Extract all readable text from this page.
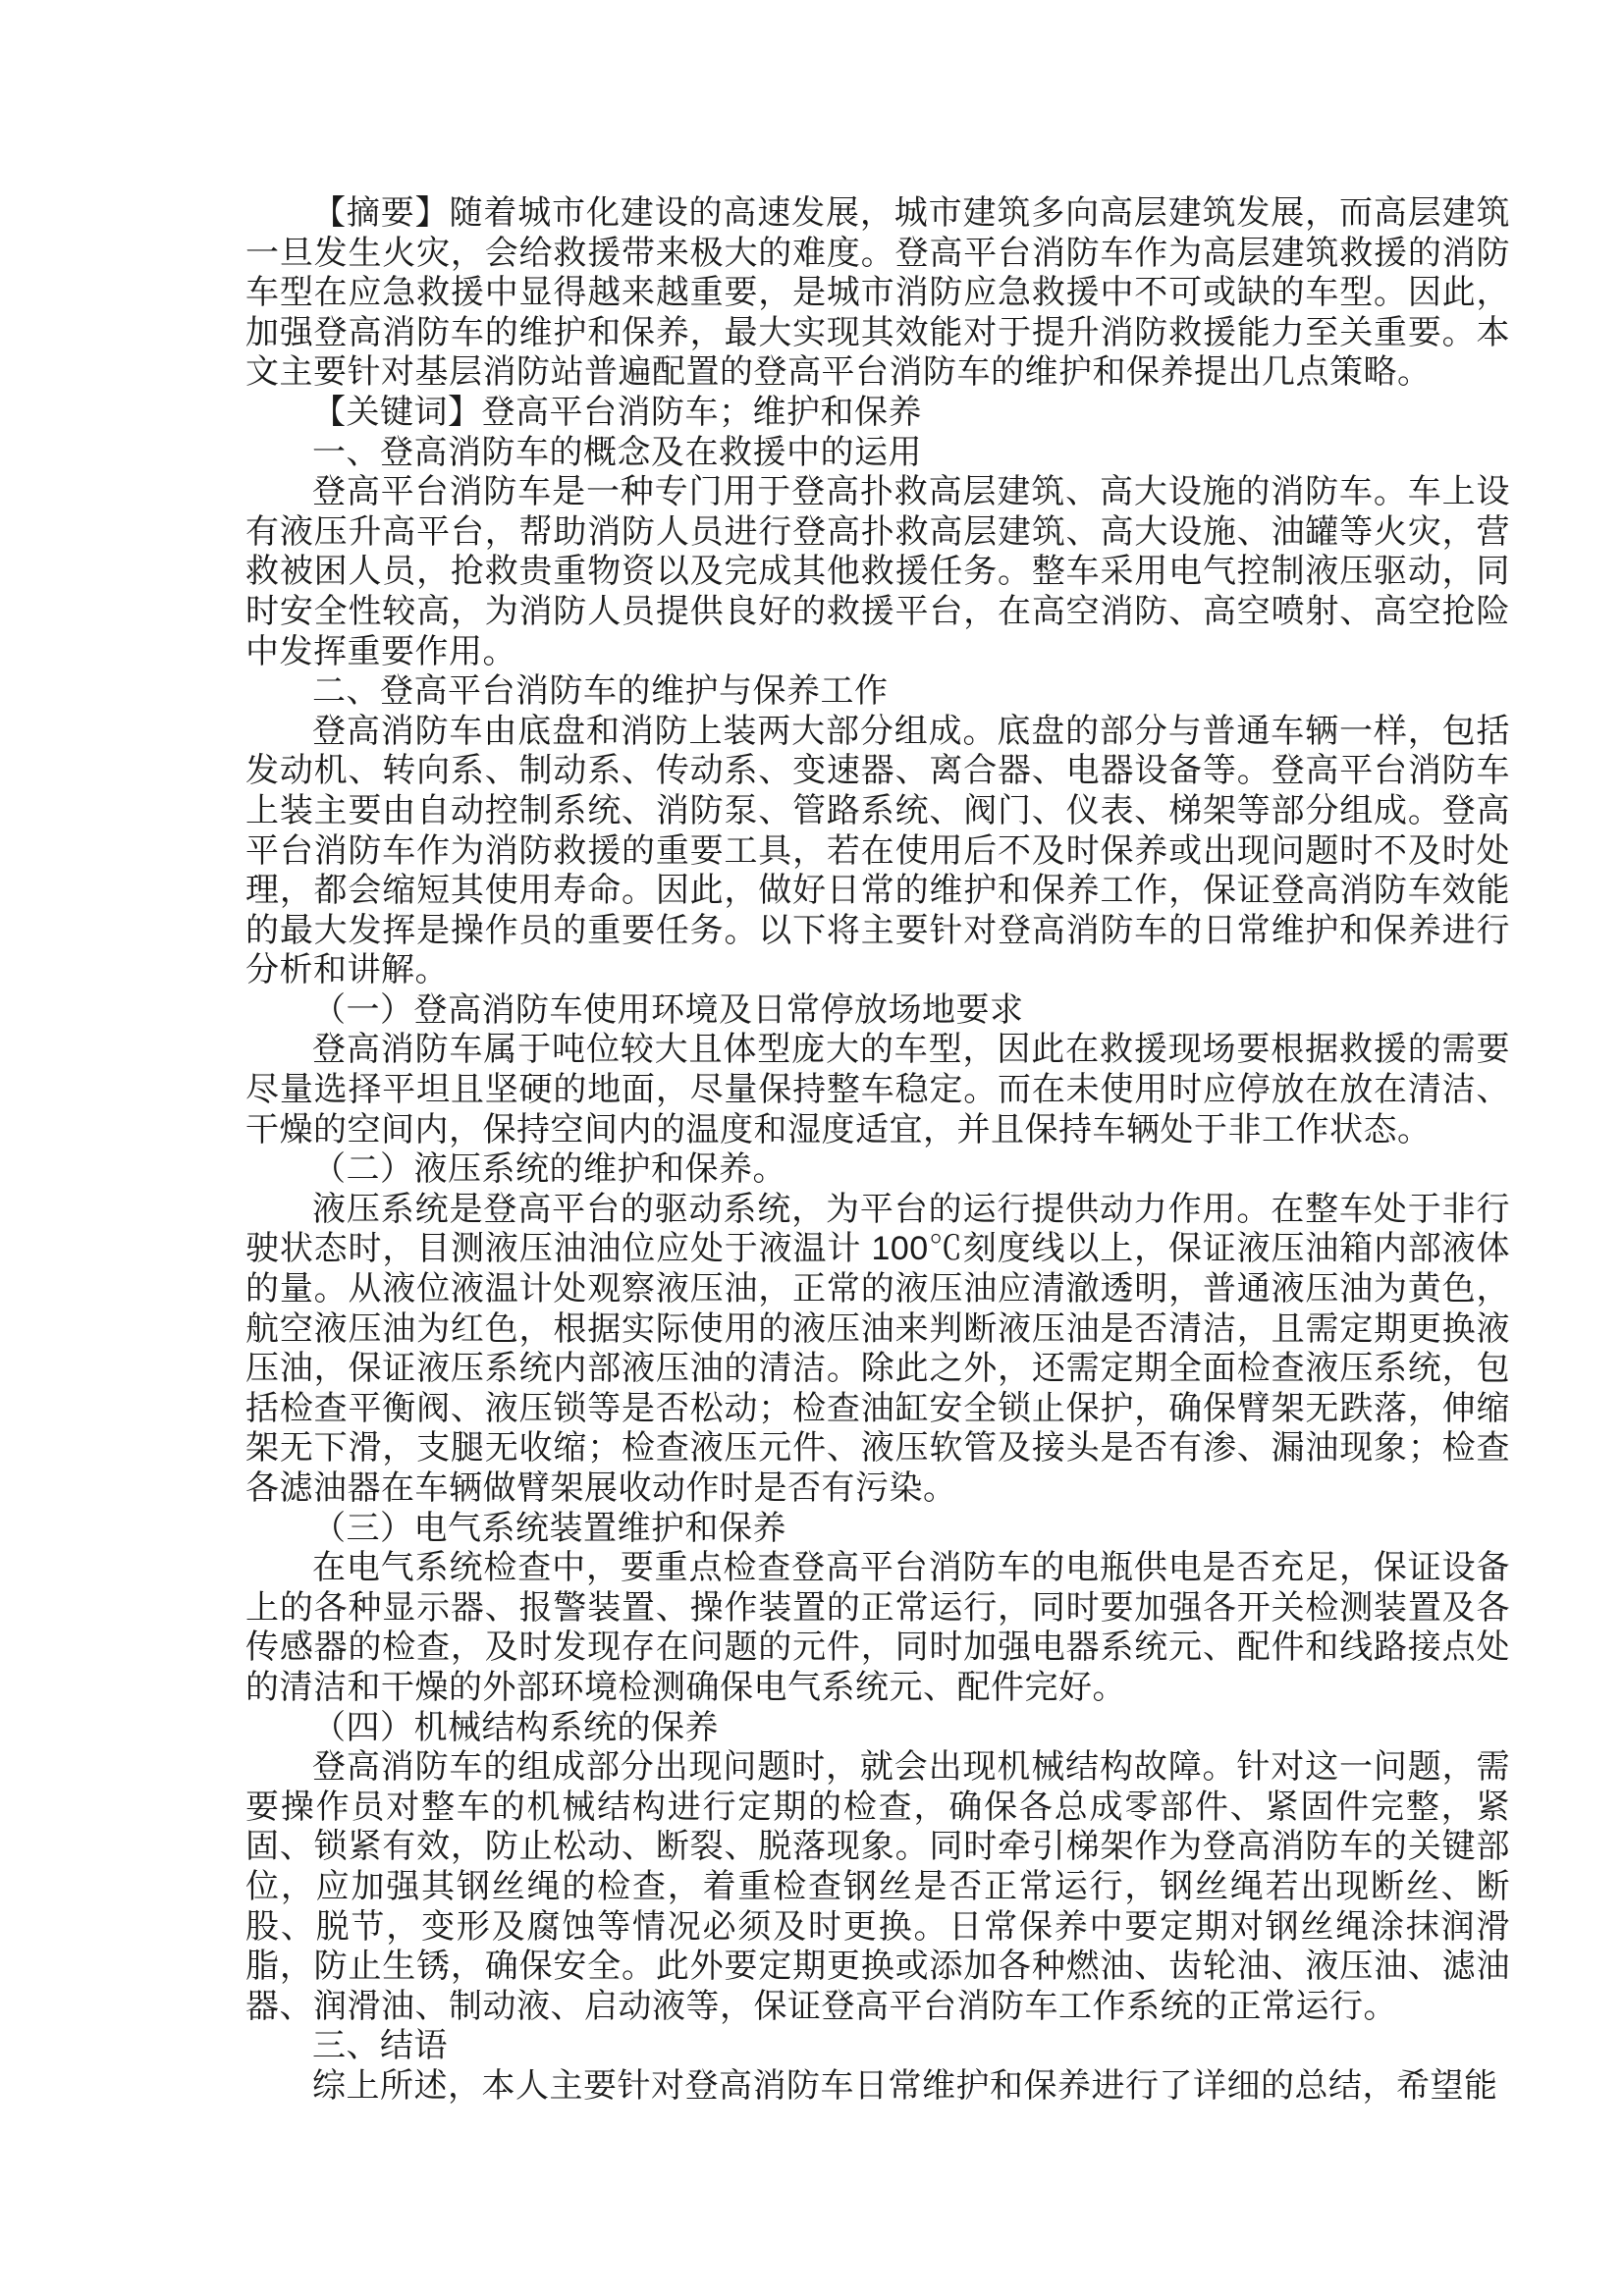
【摘要】随着城市化建设的高速发展，城市建筑多向高层建筑发展，而高层建筑一旦发生火灾，会给救援带来极大的难度。登高平台消防车作为高层建筑救援的消防车型在应急救援中显得越来越重要，是城市消防应急救援中不可或缺的车型。因此，加强登高消防车的维护和保养，最大实现其效能对于提升消防救援能力至关重要。本文主要针对基层消防站普遍配置的登高平台消防车的维护和保养提出几点策略。

【关键词】登高平台消防车；维护和保养

一、登高消防车的概念及在救援中的运用

登高平台消防车是一种专门用于登高扑救高层建筑、高大设施的消防车。车上设有液压升高平台，帮助消防人员进行登高扑救高层建筑、高大设施、油罐等火灾，营救被困人员，抢救贵重物资以及完成其他救援任务。整车采用电气控制液压驱动，同时安全性较高，为消防人员提供良好的救援平台，在高空消防、高空喷射、高空抢险中发挥重要作用。

二、登高平台消防车的维护与保养工作

登高消防车由底盘和消防上装两大部分组成。底盘的部分与普通车辆一样，包括发动机、转向系、制动系、传动系、变速器、离合器、电器设备等。登高平台消防车上装主要由自动控制系统、消防泵、管路系统、阀门、仪表、梯架等部分组成。登高平台消防车作为消防救援的重要工具，若在使用后不及时保养或出现问题时不及时处理，都会缩短其使用寿命。因此，做好日常的维护和保养工作，保证登高消防车效能的最大发挥是操作员的重要任务。以下将主要针对登高消防车的日常维护和保养进行分析和讲解。

（一）登高消防车使用环境及日常停放场地要求

登高消防车属于吨位较大且体型庞大的车型，因此在救援现场要根据救援的需要尽量选择平坦且坚硬的地面，尽量保持整车稳定。而在未使用时应停放在放在清洁、干燥的空间内，保持空间内的温度和湿度适宜，并且保持车辆处于非工作状态。

（二）液压系统的维护和保养。

液压系统是登高平台的驱动系统，为平台的运行提供动力作用。在整车处于非行驶状态时，目测液压油油位应处于液温计 100℃刻度线以上，保证液压油箱内部液体的量。从液位液温计处观察液压油，正常的液压油应清澈透明，普通液压油为黄色，航空液压油为红色，根据实际使用的液压油来判断液压油是否清洁，且需定期更换液压油，保证液压系统内部液压油的清洁。除此之外，还需定期全面检查液压系统，包括检查平衡阀、液压锁等是否松动；检查油缸安全锁止保护，确保臂架无跌落，伸缩架无下滑，支腿无收缩；检查液压元件、液压软管及接头是否有渗、漏油现象；检查各滤油器在车辆做臂架展收动作时是否有污染。

（三）电气系统装置维护和保养

在电气系统检查中，要重点检查登高平台消防车的电瓶供电是否充足，保证设备上的各种显示器、报警装置、操作装置的正常运行，同时要加强各开关检测装置及各传感器的检查，及时发现存在问题的元件，同时加强电器系统元、配件和线路接点处的清洁和干燥的外部环境检测确保电气系统元、配件完好。

（四）机械结构系统的保养

登高消防车的组成部分出现问题时，就会出现机械结构故障。针对这一问题，需要操作员对整车的机械结构进行定期的检查，确保各总成零部件、紧固件完整，紧固、锁紧有效，防止松动、断裂、脱落现象。同时牵引梯架作为登高消防车的关键部位，应加强其钢丝绳的检查，着重检查钢丝是否正常运行，钢丝绳若出现断丝、断股、脱节，变形及腐蚀等情况必须及时更换。日常保养中要定期对钢丝绳涂抹润滑脂，防止生锈，确保安全。此外要定期更换或添加各种燃油、齿轮油、液压油、滤油器、润滑油、制动液、启动液等，保证登高平台消防车工作系统的正常运行。

三、结语

综上所述，本人主要针对登高消防车日常维护和保养进行了详细的总结，希望能
